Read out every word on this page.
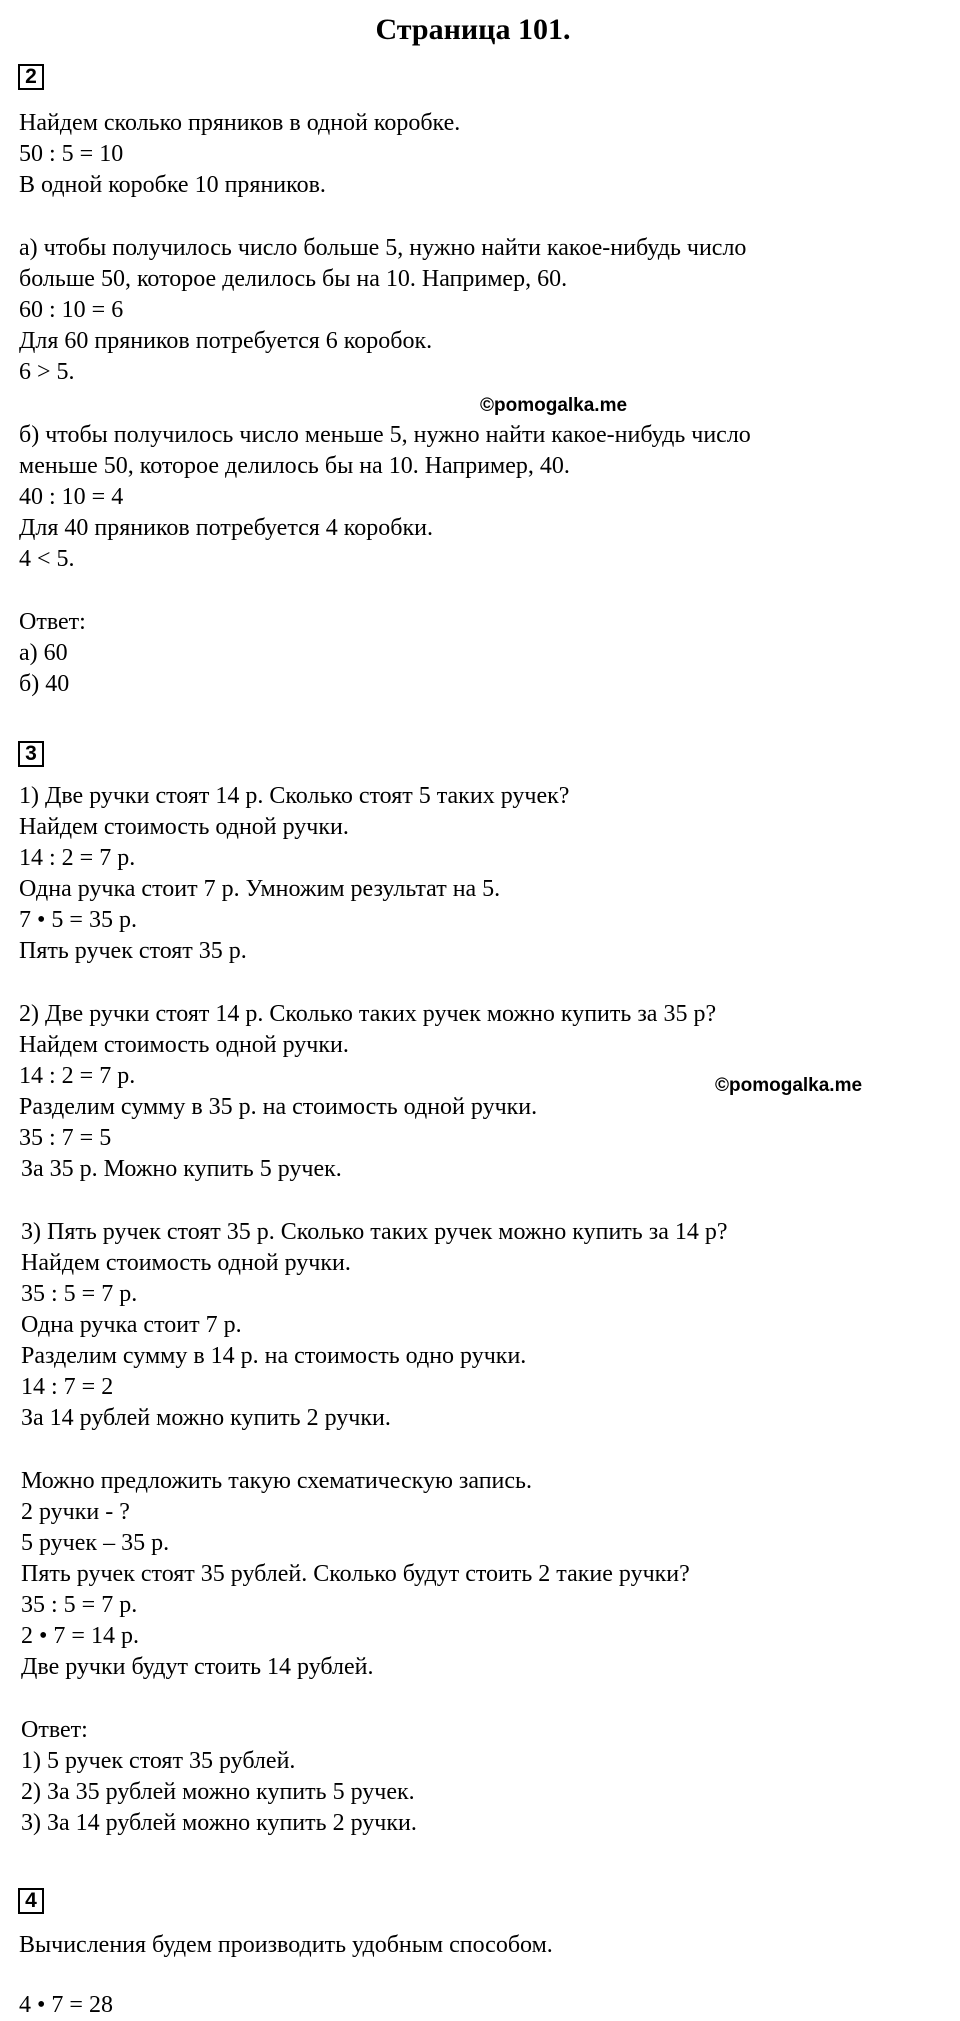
Страница 101.
2
Найдем сколько пряников в одной коробке.
50 : 5 = 10
В одной коробке 10 пряников.
а) чтобы получилось число больше 5, нужно найти какое-нибудь число
больше 50, которое делилось бы на 10. Например, 60.
60 : 10 = 6
Для 60 пряников потребуется 6 коробок.
6 > 5.
©pomogalka.me
б) чтобы получилось число меньше 5, нужно найти какое-нибудь число
меньше 50, которое делилось бы на 10. Например, 40.
40 : 10 = 4
Для 40 пряников потребуется 4 коробки.
4 < 5.
Ответ:
а) 60
б) 40
3
1) Две ручки стоят 14 р. Сколько стоят 5 таких ручек?
Найдем стоимость одной ручки.
14 : 2 = 7 р.
Одна ручка стоит 7 р. Умножим результат на 5.
7 • 5 = 35 р.
Пять ручек стоят 35 р.
2) Две ручки стоят 14 р. Сколько таких ручек можно купить за 35 р?
Найдем стоимость одной ручки.
14 : 2 = 7 р.	©pomogalka.me
Разделим сумму в 35 р. на стоимость одной ручки.
35 : 7 = 5
За 35 р. Можно купить 5 ручек.
3) Пять ручек стоят 35 р. Сколько таких ручек можно купить за 14 р?
Найдем стоимость одной ручки.
35 : 5 = 7 р.
Одна ручка стоит 7 р.
Разделим сумму в 14 р. на стоимость одно ручки.
14 : 7 = 2
За 14 рублей можно купить 2 ручки.
Можно предложить такую схематическую запись.
2 ручки - ?
5 ручек – 35 р.
Пять ручек стоят 35 рублей. Сколько будут стоить 2 такие ручки?
35 : 5 = 7 р.
2 • 7 = 14 р.
Две ручки будут стоить 14 рублей.
Ответ:
1) 5 ручек стоят 35 рублей.
2) За 35 рублей можно купить 5 ручек.
3) За 14 рублей можно купить 2 ручки.
4
Вычисления будем производить удобным способом.
4 • 7 = 28
